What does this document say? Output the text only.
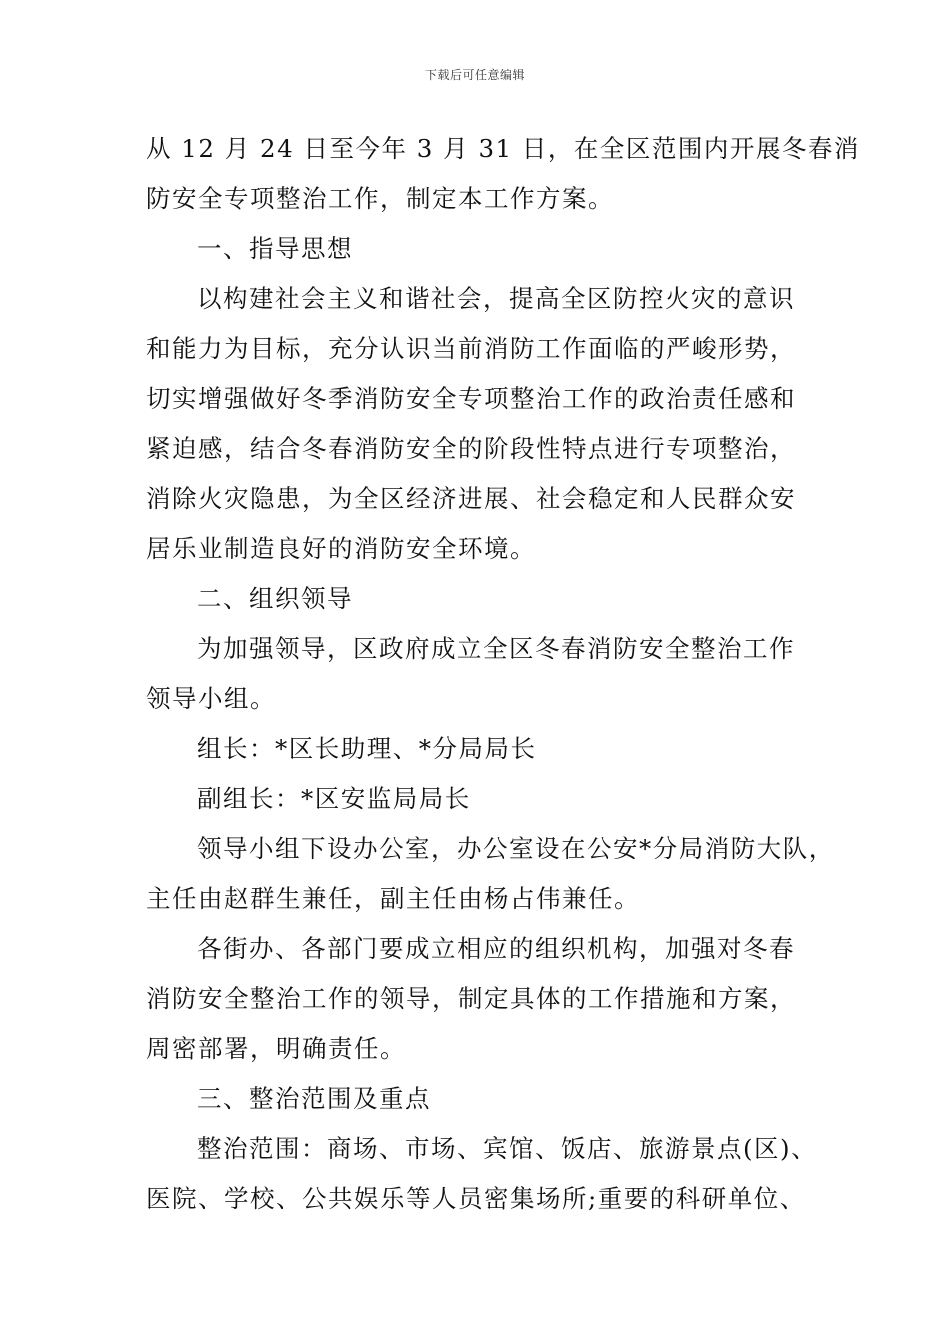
下载后可任意编辑
从 12 月 24 日至今年 3 月 31 日，在全区范围内开展冬春消
防安全专项整治工作，制定本工作方案。
一、指导思想
以构建社会主义和谐社会，提高全区防控火灾的意识
和能力为目标，充分认识当前消防工作面临的严峻形势，
切实增强做好冬季消防安全专项整治工作的政治责任感和
紧迫感，结合冬春消防安全的阶段性特点进行专项整治，
消除火灾隐患，为全区经济进展、社会稳定和人民群众安
居乐业制造良好的消防安全环境。
二、组织领导
为加强领导，区政府成立全区冬春消防安全整治工作
领导小组。
组长：*区长助理、*分局局长
副组长：*区安监局局长
领导小组下设办公室，办公室设在公安*分局消防大队，
主任由赵群生兼任，副主任由杨占伟兼任。
各街办、各部门要成立相应的组织机构，加强对冬春
消防安全整治工作的领导，制定具体的工作措施和方案，
周密部署，明确责任。
三、整治范围及重点
整治范围：商场、市场、宾馆、饭店、旅游景点(区)、
医院、学校、公共娱乐等人员密集场所;重要的科研单位、
